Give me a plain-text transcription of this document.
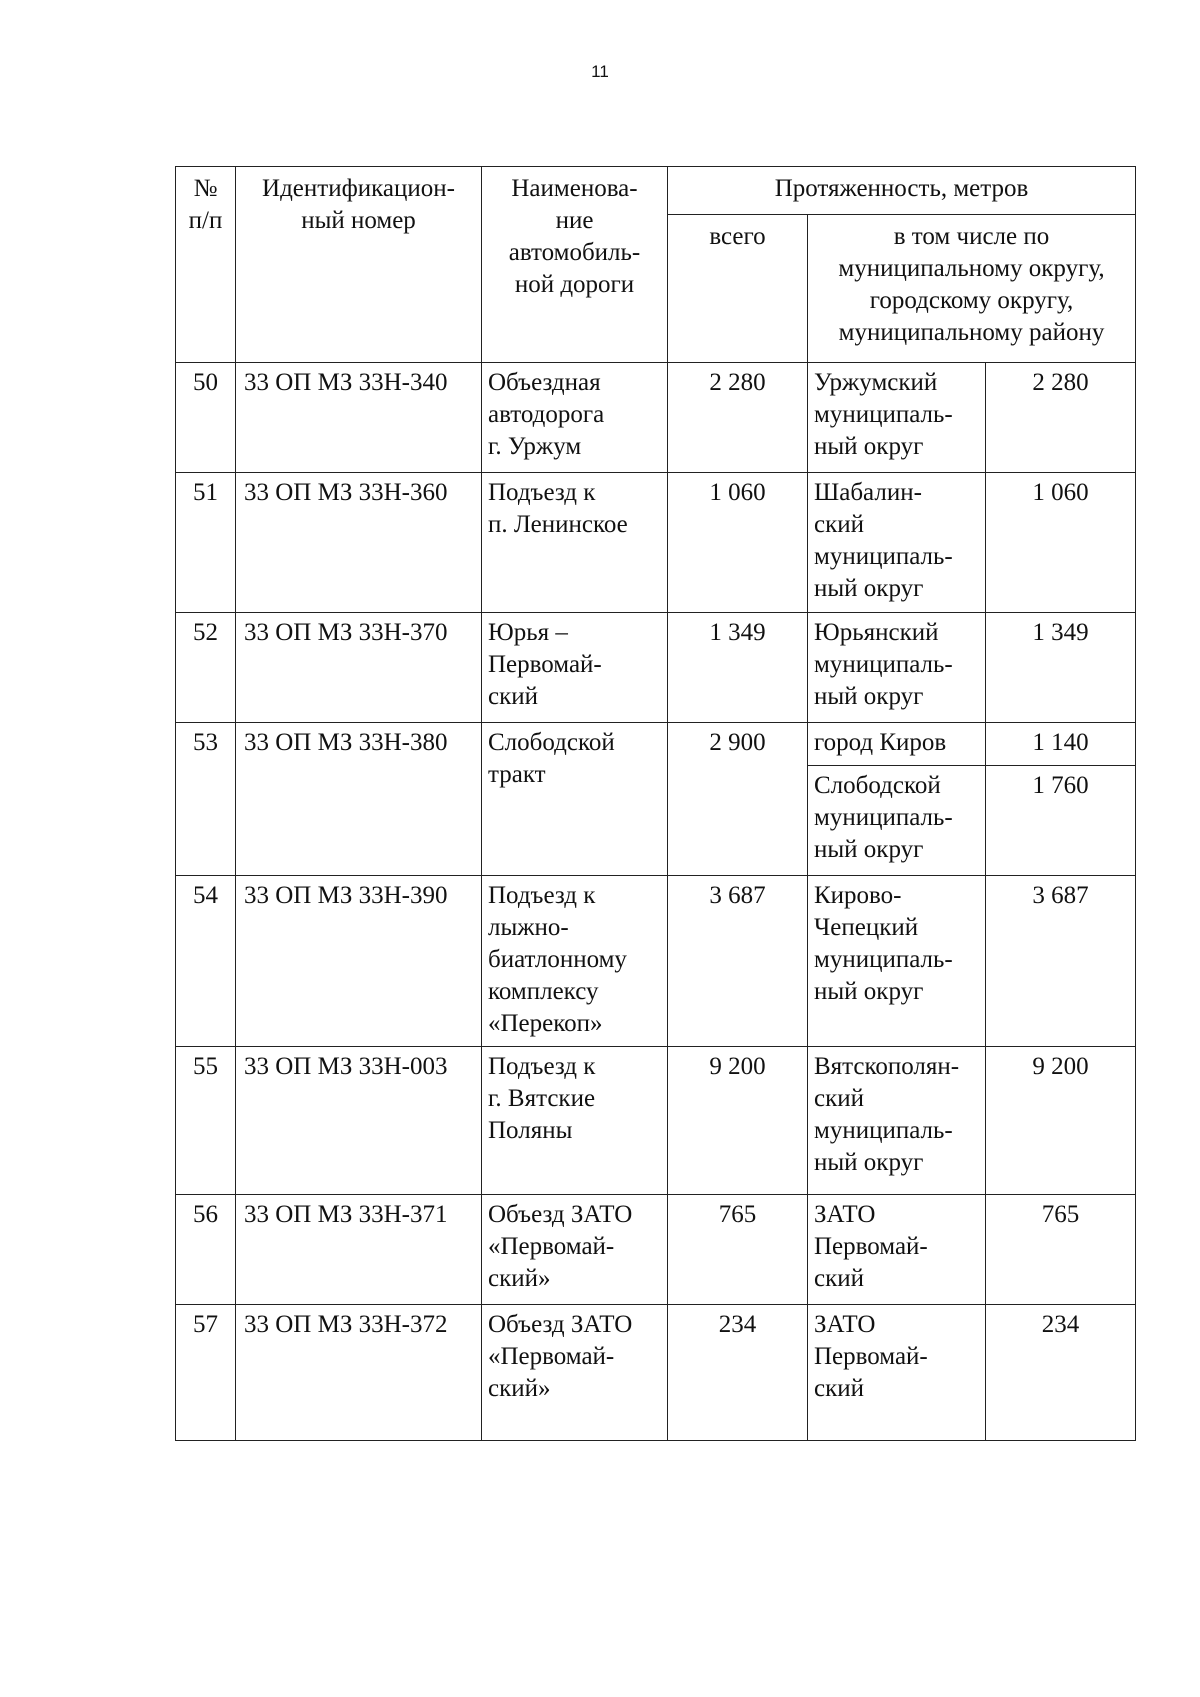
11
№
п/п	Идентификацион-
ный номер	Наименова-
ние
автомобиль-
ной дороги	Протяженность, метров		
			всего	в том числе по
муниципальному округу,
городскому округу,
муниципальному району	
50	33 ОП МЗ 33Н-340	Объездная
автодорога
г. Уржум	2 280	Уржумский
муниципаль-
ный округ	2 280
51	33 ОП МЗ 33Н-360	Подъезд к
п. Ленинское	1 060	Шабалин-
ский
муниципаль-
ный округ	1 060
52	33 ОП МЗ 33Н-370	Юрья –
Первомай-
ский	1 349	Юрьянский
муниципаль-
ный округ	1 349
53	33 ОП МЗ 33Н-380	Слободской
тракт	2 900	город Киров	1 140
				Слободской
муниципаль-
ный округ	1 760
54	33 ОП МЗ 33Н-390	Подъезд к
лыжно-
биатлонному
комплексу
«Перекоп»	3 687	Кирово-
Чепецкий
муниципаль-
ный округ	3 687
55	33 ОП МЗ 33Н-003	Подъезд к
г. Вятские
Поляны	9 200	Вятскополян-
ский
муниципаль-
ный округ	9 200
56	33 ОП МЗ 33Н-371	Объезд ЗАТО
«Первомай-
ский»	765	ЗАТО
Первомай-
ский	765
57	33 ОП МЗ 33Н-372	Объезд ЗАТО
«Первомай-
ский»	234	ЗАТО
Первомай-
ский	234
